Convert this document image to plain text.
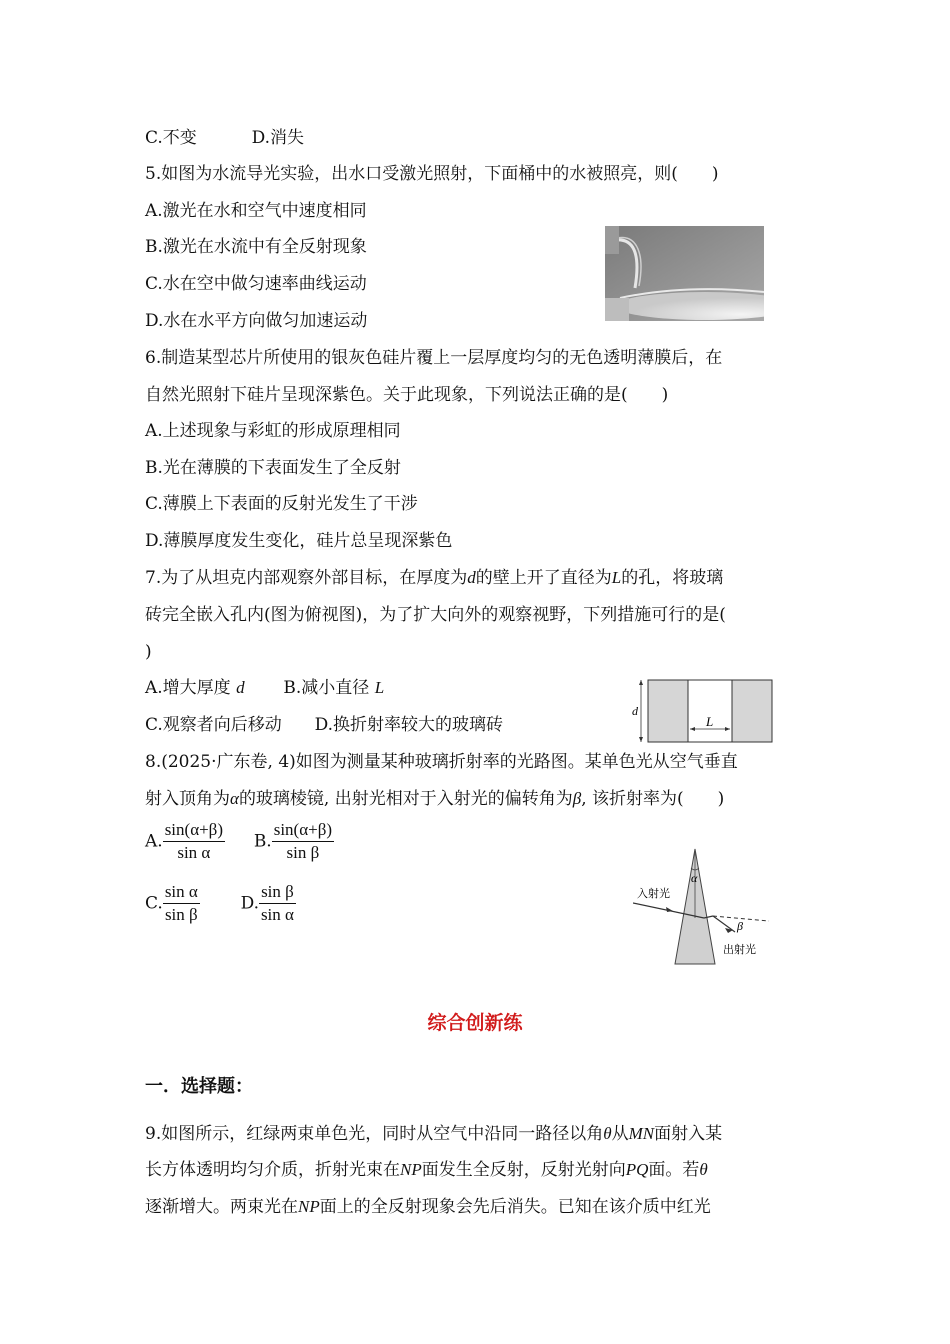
C.不变	D.消失
5.如图为水流导光实验，出水口受激光照射，下面桶中的水被照亮，则(　　)
A.激光在水和空气中速度相同
B.激光在水流中有全反射现象
C.水在空中做匀速率曲线运动
D.水在水平方向做匀加速运动
6.制造某型芯片所使用的银灰色硅片覆上一层厚度均匀的无色透明薄膜后，在
自然光照射下硅片呈现深紫色。关于此现象，下列说法正确的是(　　)
A.上述现象与彩虹的形成原理相同
B.光在薄膜的下表面发生了全反射
C.薄膜上下表面的反射光发生了干涉
D.薄膜厚度发生变化，硅片总呈现深紫色
7.为了从坦克内部观察外部目标，在厚度为d的壁上开了直径为L的孔，将玻璃
砖完全嵌入孔内(图为俯视图)，为了扩大向外的观察视野，下列措施可行的是(
)
A.增大厚度 d B.减小直径 L
C.观察者向后移动 D.换折射率较大的玻璃砖
d
L
8.(2025·广东卷, 4)如图为测量某种玻璃折射率的光路图。某单色光从空气垂直
射入顶角为α的玻璃棱镜, 出射光相对于入射光的偏转角为β, 该折射率为(　　)
A. $\frac{\sin(\alpha+\beta)}{\text{sin α}} B$. $\frac{\sin(\alpha+\beta)}{\text{sin β}}$
C. $\frac{\text{sin α}}{\text{sin β}} D$. $\frac{\text{sin β}}{\text{sin α}}$
α
β
入射光
出射光
综合创新练
一．选择题：
9.如图所示，红绿两束单色光，同时从空气中沿同一路径以角θ从MN面射入某
长方体透明均匀介质，折射光束在NP面发生全反射，反射光射向PQ面。若θ
逐渐增大。两束光在NP面上的全反射现象会先后消失。已知在该介质中红光
